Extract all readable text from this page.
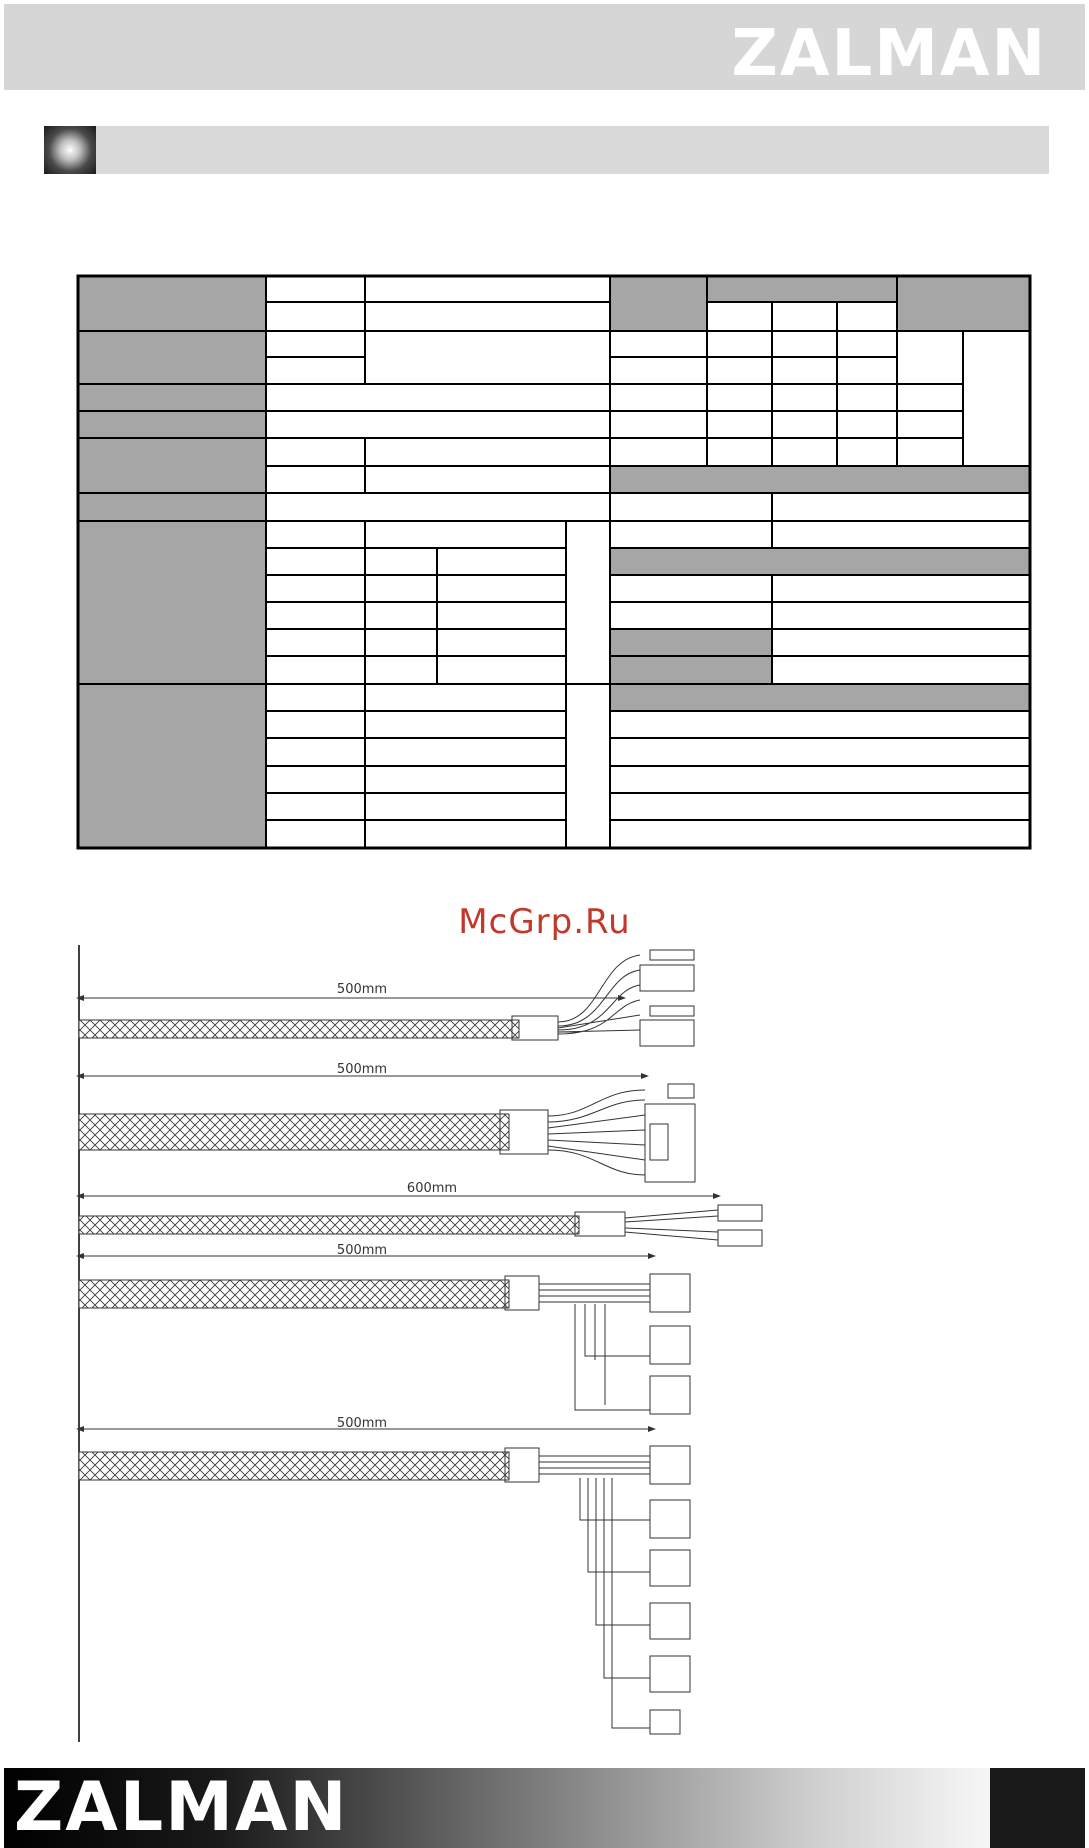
ZALMAN
McGrp.Ru
500mm
500mm
600mm
500mm
500mm
ZALMAN
